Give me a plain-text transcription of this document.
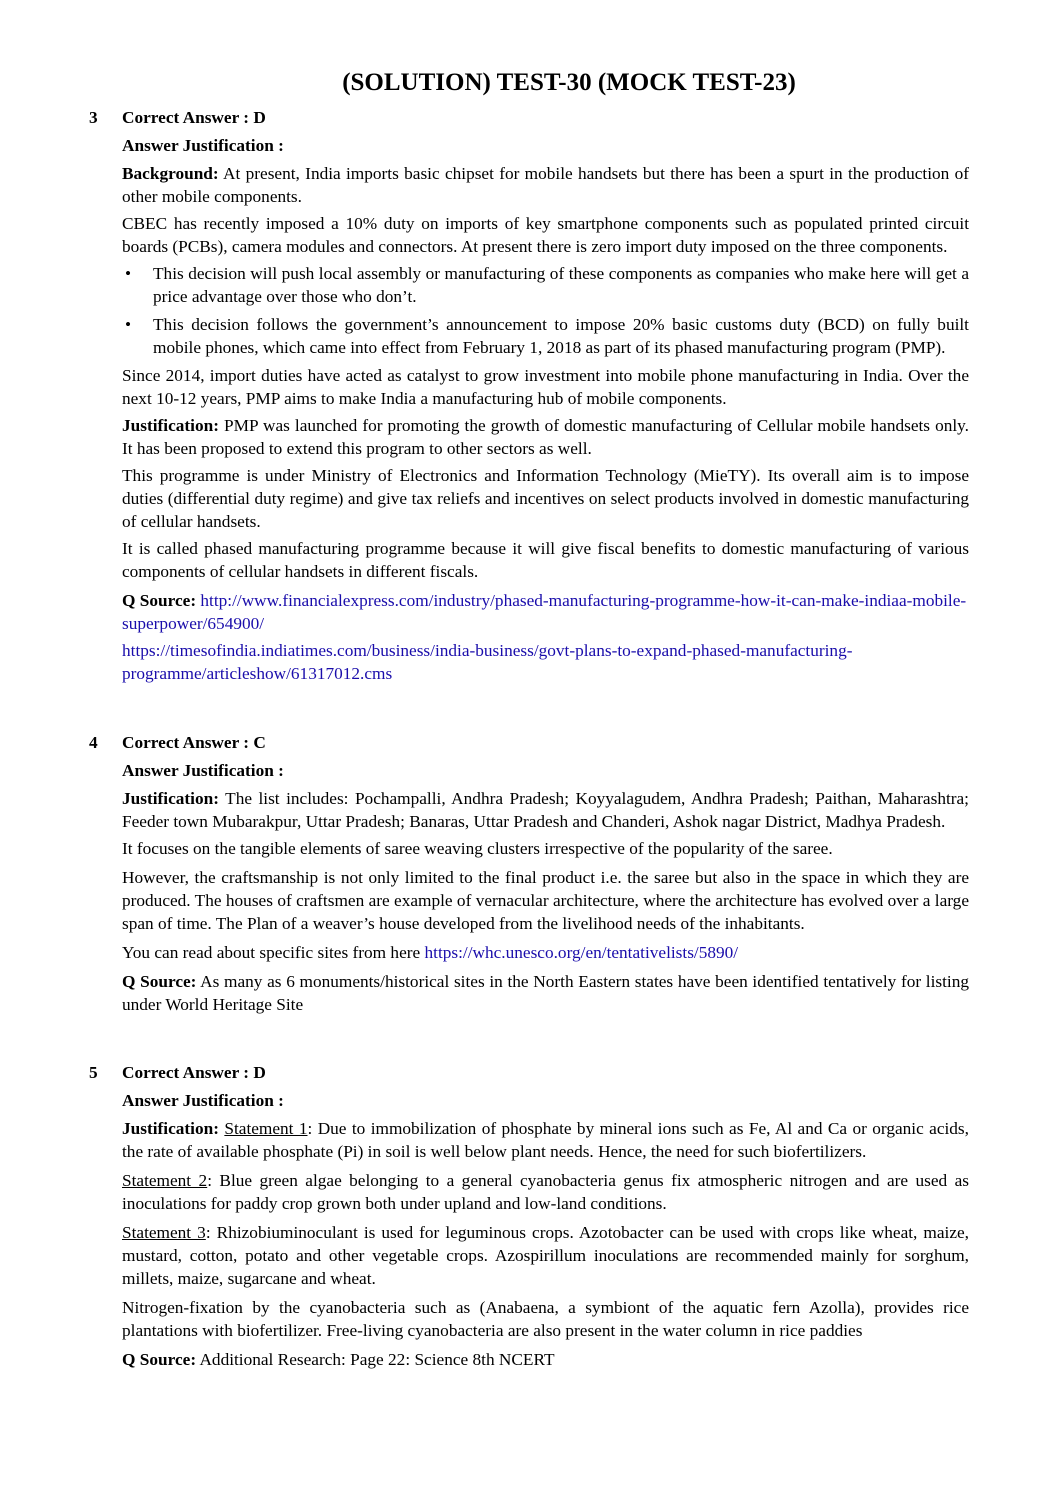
(SOLUTION) TEST-30 (MOCK TEST-23)
3 Correct Answer : D
Answer Justification :

Background: At present, India imports basic chipset for mobile handsets but there has been a spurt in the production of other mobile components.

CBEC has recently imposed a 10% duty on imports of key smartphone components such as populated printed circuit boards (PCBs), camera modules and connectors. At present there is zero import duty imposed on the three components.

• This decision will push local assembly or manufacturing of these components as companies who make here will get a price advantage over those who don’t.
• This decision follows the government’s announcement to impose 20% basic customs duty (BCD) on fully built mobile phones, which came into effect from February 1, 2018 as part of its phased manufacturing program (PMP).

Since 2014, import duties have acted as catalyst to grow investment into mobile phone manufacturing in India. Over the next 10-12 years, PMP aims to make India a manufacturing hub of mobile components.

Justification: PMP was launched for promoting the growth of domestic manufacturing of Cellular mobile handsets only. It has been proposed to extend this program to other sectors as well.

This programme is under Ministry of Electronics and Information Technology (MieTY). Its overall aim is to impose duties (differential duty regime) and give tax reliefs and incentives on select products involved in domestic manufacturing of cellular handsets.

It is called phased manufacturing programme because it will give fiscal benefits to domestic manufacturing of various components of cellular handsets in different fiscals.

Q Source: http://www.financialexpress.com/industry/phased-manufacturing-programme-how-it-can-make-indiaa-mobile-superpower/654900/

https://timesofindia.indiatimes.com/business/india-business/govt-plans-to-expand-phased-manufacturing-programme/articleshow/61317012.cms

4 Correct Answer : C
Answer Justification :

Justification: The list includes: Pochampalli, Andhra Pradesh; Koyyalagudem, Andhra Pradesh; Paithan, Maharashtra; Feeder town Mubarakpur, Uttar Pradesh; Banaras, Uttar Pradesh and Chanderi, Ashok nagar District, Madhya Pradesh.

It focuses on the tangible elements of saree weaving clusters irrespective of the popularity of the saree.

However, the craftsmanship is not only limited to the final product i.e. the saree but also in the space in which they are produced. The houses of craftsmen are example of vernacular architecture, where the architecture has evolved over a large span of time. The Plan of a weaver’s house developed from the livelihood needs of the inhabitants.

You can read about specific sites from here https://whc.unesco.org/en/tentativelists/5890/

Q Source: As many as 6 monuments/historical sites in the North Eastern states have been identified tentatively for listing under World Heritage Site

5 Correct Answer : D
Answer Justification :

Justification: Statement 1: Due to immobilization of phosphate by mineral ions such as Fe, Al and Ca or organic acids, the rate of available phosphate (Pi) in soil is well below plant needs. Hence, the need for such biofertilizers.

Statement 2: Blue green algae belonging to a general cyanobacteria genus fix atmospheric nitrogen and are used as inoculations for paddy crop grown both under upland and low-land conditions.

Statement 3: Rhizobiuminoculant is used for leguminous crops. Azotobacter can be used with crops like wheat, maize, mustard, cotton, potato and other vegetable crops. Azospirillum inoculations are recommended mainly for sorghum, millets, maize, sugarcane and wheat.

Nitrogen-fixation by the cyanobacteria such as (Anabaena, a symbiont of the aquatic fern Azolla), provides rice plantations with biofertilizer. Free-living cyanobacteria are also present in the water column in rice paddies

Q Source: Additional Research: Page 22: Science 8th NCERT
